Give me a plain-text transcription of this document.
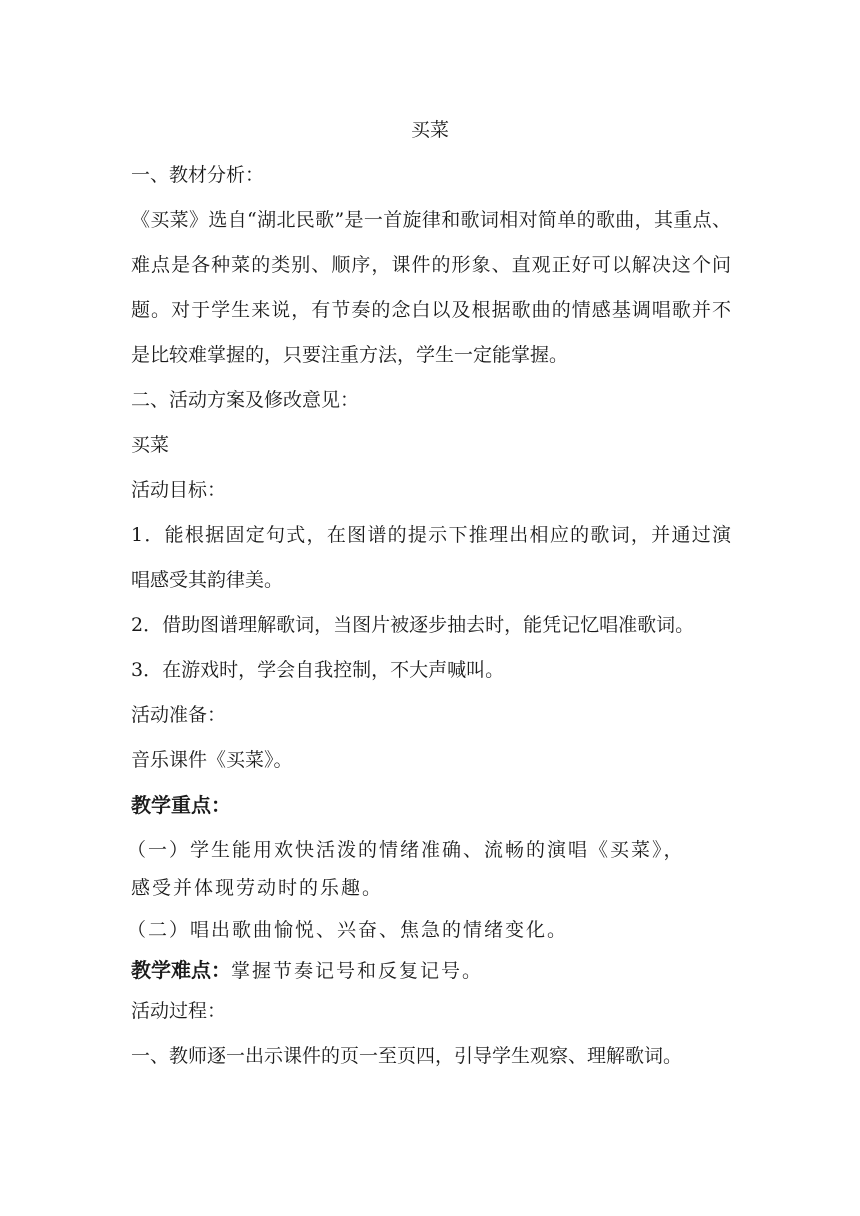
买菜
一、教材分析：
《买菜》选自“湖北民歌”是一首旋律和歌词相对简单的歌曲，其重点、
难点是各种菜的类别、顺序，课件的形象、直观正好可以解决这个问
题。对于学生来说，有节奏的念白以及根据歌曲的情感基调唱歌并不
是比较难掌握的，只要注重方法，学生一定能掌握。
二、活动方案及修改意见：
买菜
活动目标：
1．能根据固定句式，在图谱的提示下推理出相应的歌词，并通过演
唱感受其韵律美。
2．借助图谱理解歌词，当图片被逐步抽去时，能凭记忆唱准歌词。
3．在游戏时，学会自我控制，不大声喊叫。
活动准备：
音乐课件《买菜》。
教学重点：
（一）学生能用欢快活泼的情绪准确、流畅的演唱《买菜》，
感受并体现劳动时的乐趣。
（二）唱出歌曲愉悦、兴奋、焦急的情绪变化。
教学难点：掌握节奏记号和反复记号。
活动过程：
一、教师逐一出示课件的页一至页四，引导学生观察、理解歌词。
